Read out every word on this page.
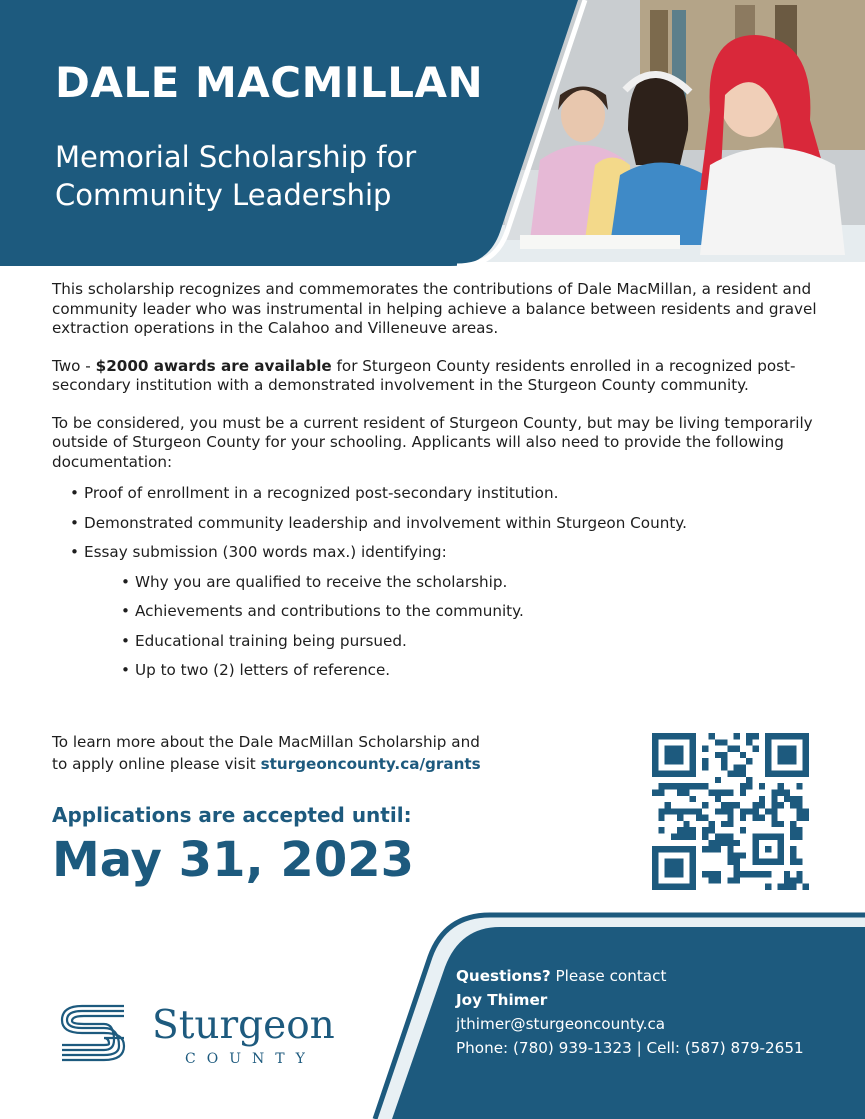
DALE MACMILLAN

Memorial Scholarship for Community Leadership

This scholarship recognizes and commemorates the contributions of Dale MacMillan, a resident and community leader who was instrumental in helping achieve a balance between residents and gravel extraction operations in the Calahoo and Villeneuve areas.

Two - $2000 awards are available for Sturgeon County residents enrolled in a recognized post-secondary institution with a demonstrated involvement in the Sturgeon County community.

To be considered, you must be a current resident of Sturgeon County, but may be living temporarily outside of Sturgeon County for your schooling. Applicants will also need to provide the following documentation:

• Proof of enrollment in a recognized post-secondary institution.
• Demonstrated community leadership and involvement within Sturgeon County.
• Essay submission (300 words max.) identifying:
• Why you are qualified to receive the scholarship.
• Achievements and contributions to the community.
• Educational training being pursued.
• Up to two (2) letters of reference.
To learn more about the Dale MacMillan Scholarship and
to apply online please visit sturgeoncounty.ca/grants

Applications are accepted until:

May 31, 2023

Questions? Please contact
Joy Thimer
jthimer@sturgeoncounty.ca
Phone: (780) 939-1323 | Cell: (587) 879-2651

Sturgeon

COUNTY
